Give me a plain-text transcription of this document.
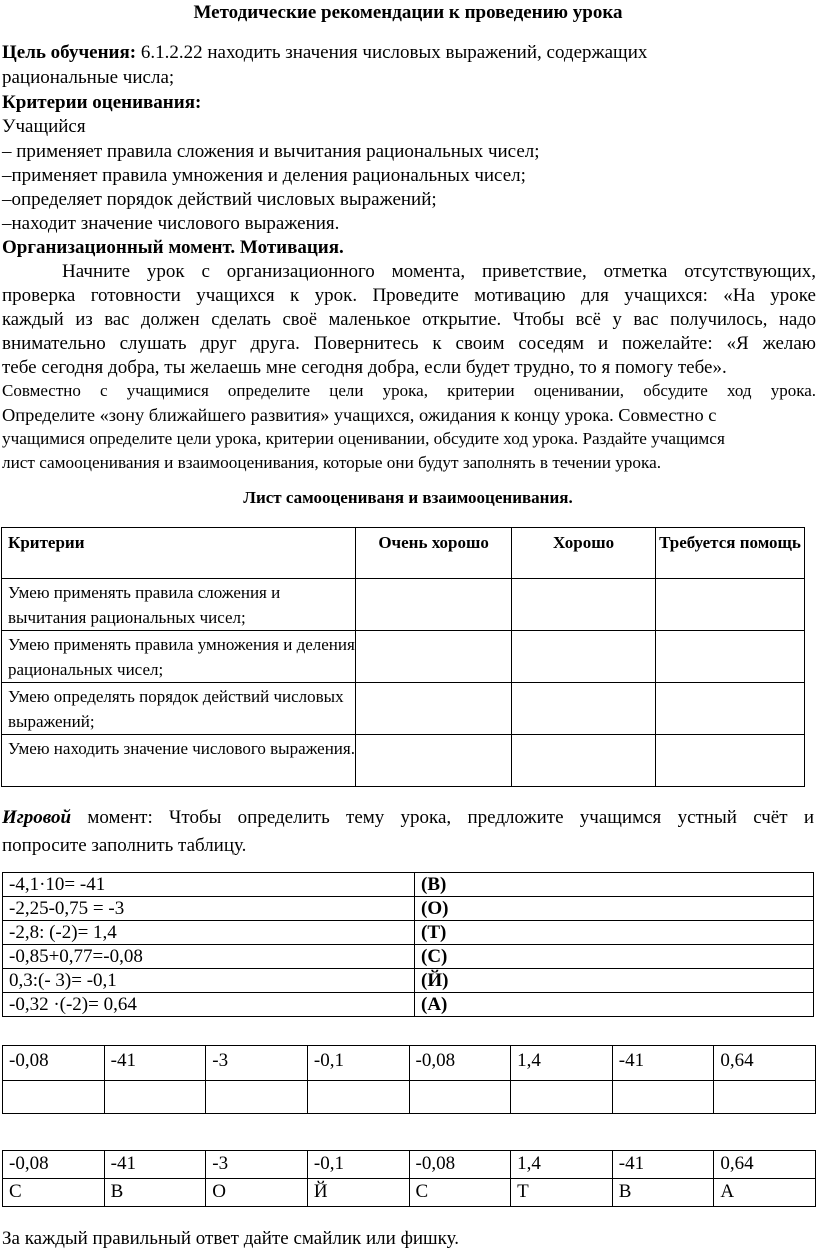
Методические рекомендации к проведению урока
Цель обучения: 6.1.2.22 находить значения числовых выражений, содержащих
рациональные числа;
Критерии оценивания:
Учащийся
– применяет правила сложения и вычитания рациональных чисел;
–применяет правила умножения и деления рациональных чисел;
–определяет порядок действий числовых выражений;
–находит значение числового выражения.
Организационный момент. Мотивация.
Начните урок с организационного момента, приветствие, отметка отсутствующих,
проверка готовности учащихся к урок. Проведите мотивацию для учащихся: «На уроке
каждый из вас должен сделать своё маленькое открытие. Чтобы всё у вас получилось, надо
внимательно слушать друг друга. Повернитесь к своим соседям и пожелайте: «Я желаю
тебе сегодня добра, ты желаешь мне сегодня добра, если будет трудно, то я помогу тебе».
Совместно с учащимися определите цели урока, критерии оценивании, обсудите ход урока.
Определите «зону ближайшего развития» учащихся, ожидания к концу урока. Совместно с
учащимися определите цели урока, критерии оценивании, обсудите ход урока. Раздайте учащимся
лист самооценивания и взаимооценивания, которые они будут заполнять в течении урока.
Лист самоoцениваня и взаимооценивания.
Критерии	Очень хорошо	Хорошо	Требуется помощь
Умею применять правила сложения и вычитания рациональных чисел;			
Умею применять правила умножения и деления рациональных чисел;			
Умею определять порядок действий числовых выражений;			
Умею находить значение числового выражения.			
Игровой момент: Чтобы определить тему урока, предложите учащимся устный счёт и
попросите заполнить таблицу.
-4,1·10= -41	(В)
-2,25-0,75 = -3	(О)
-2,8: (-2)= 1,4	(Т)
-0,85+0,77=-0,08	(С)
0,3:(- 3)= -0,1	(Й)
-0,32 ·(-2)= 0,64	(А)
-0,08	-41	-3	-0,1	-0,08	1,4	-41	0,64

-0,08	-41	-3	-0,1	-0,08	1,4	-41	0,64
С	В	О	Й	С	Т	В	А
За каждый правильный ответ дайте смайлик или фишку.
